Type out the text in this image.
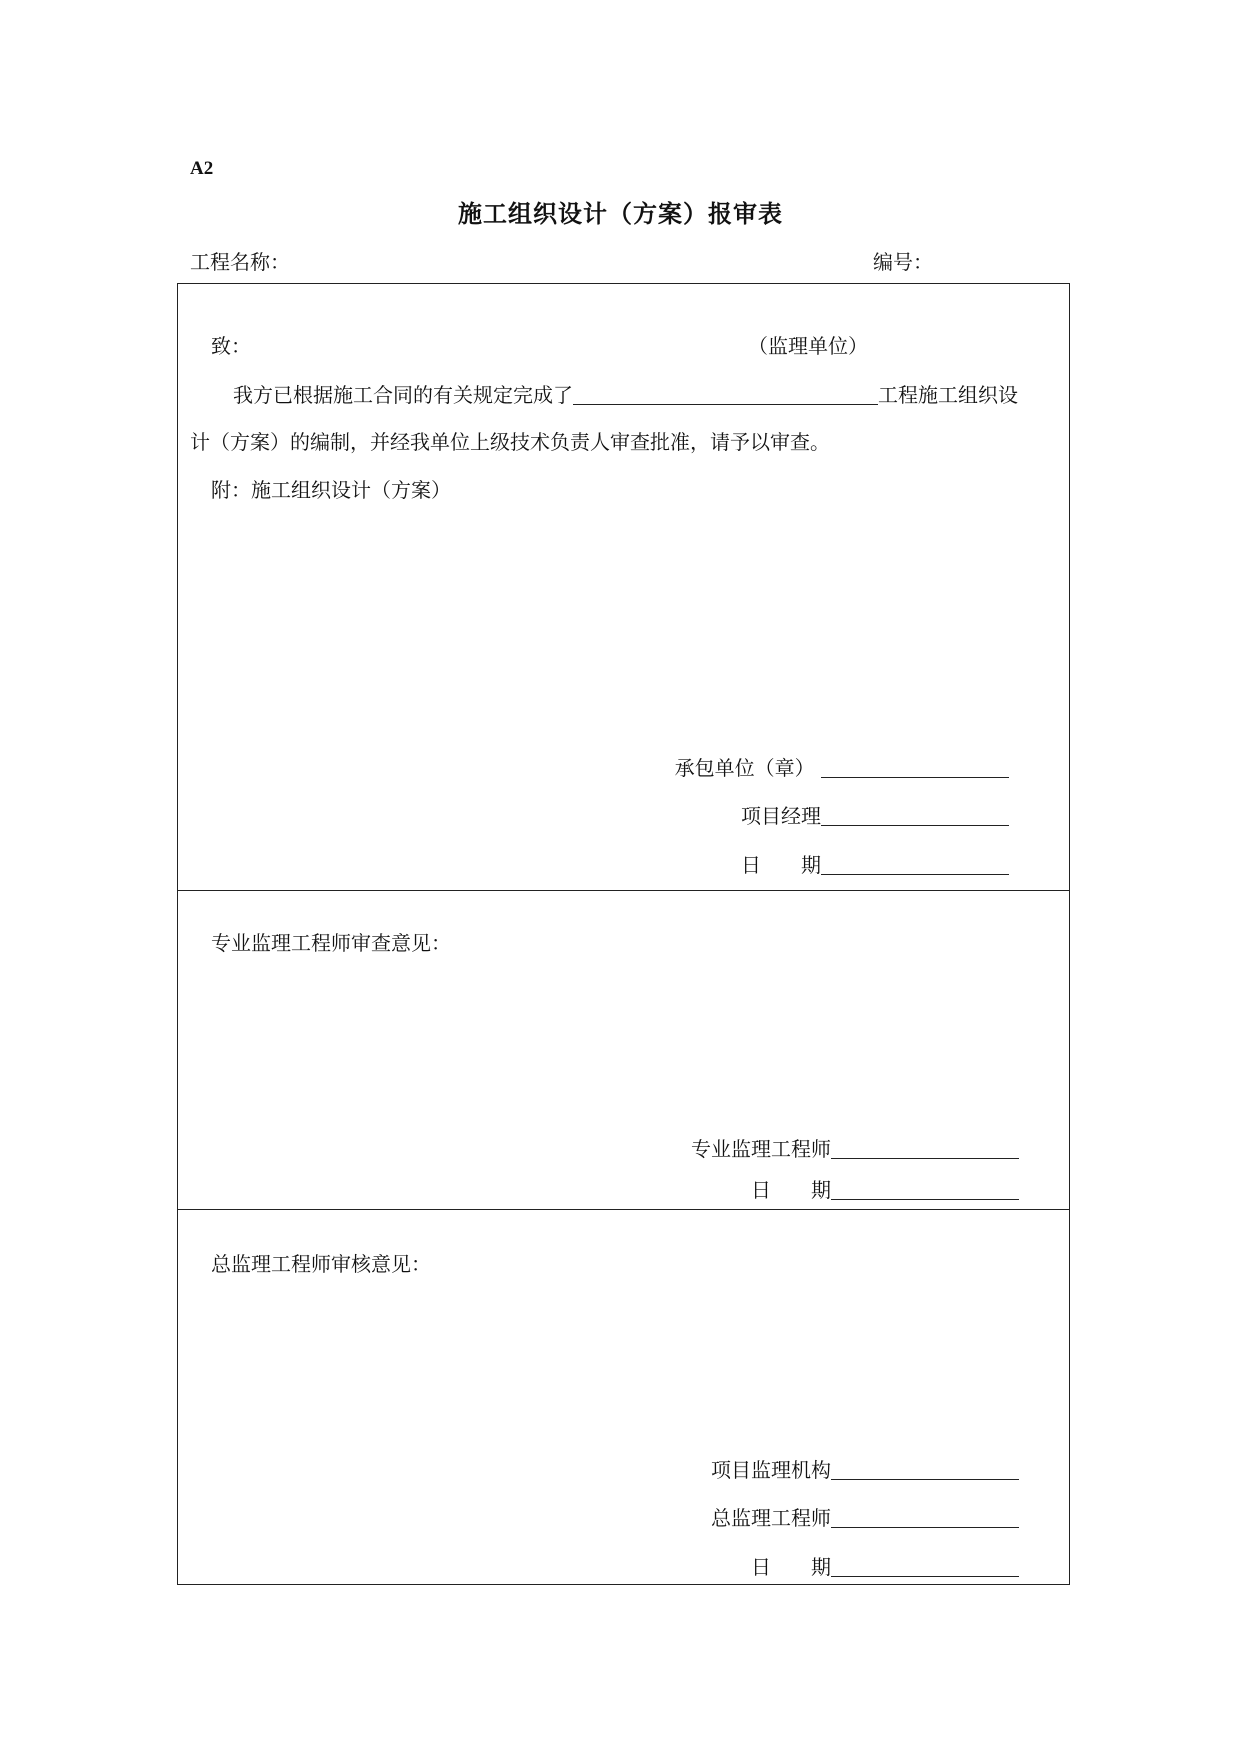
A2
施工组织设计（方案）报审表
工程名称：	编号：
致：	（监理单位）
我方已根据施工合同的有关规定完成了	工程施工组织设
计（方案）的编制，并经我单位上级技术负责人审查批准，请予以审查。
附：施工组织设计（方案）
承包单位（章）
项目经理
日 期
专业监理工程师审查意见：
专业监理工程师
日 期
总监理工程师审核意见：
项目监理机构
总监理工程师
日 期
